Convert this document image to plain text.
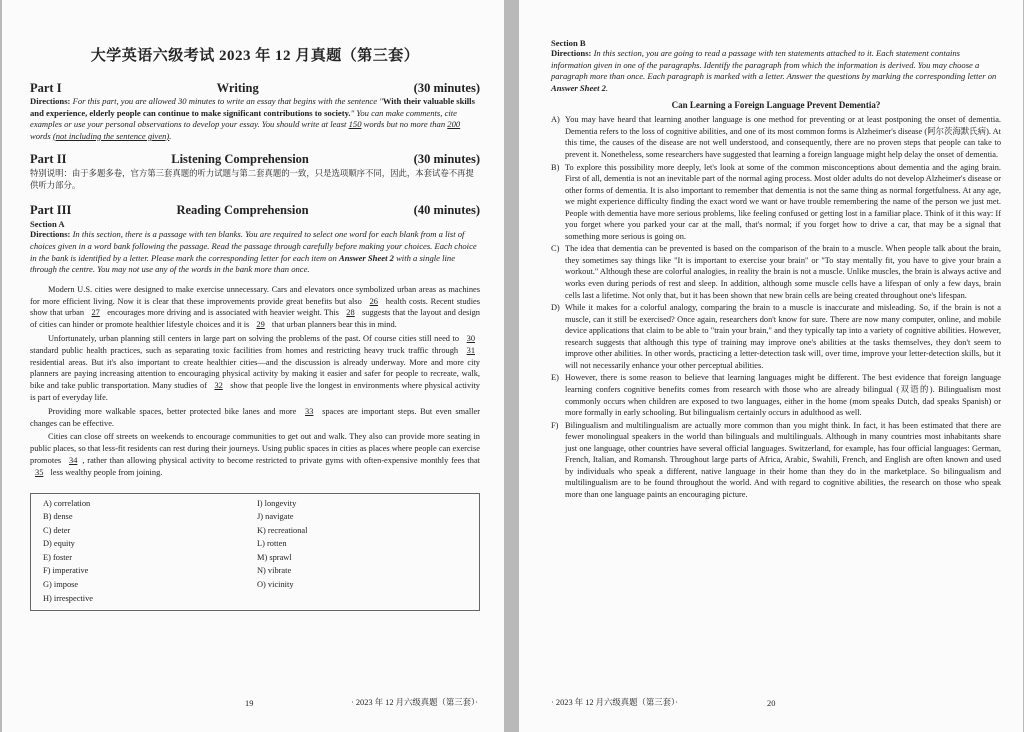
大学英语六级考试 2023 年 12 月真题（第三套）
Part I	Writing	(30 minutes)
Directions: For this part, you are allowed 30 minutes to write an essay that begins with the sentence "With their valuable skills and experience, elderly people can continue to make significant contributions to society." You can make comments, cite examples or use your personal observations to develop your essay. You should write at least 150 words but no more than 200 words (not including the sentence given).
Part II	Listening Comprehension	(30 minutes)
特别说明：由于多题多卷，官方第三套真题的听力试题与第二套真题的一致，只是选项顺序不同，因此，本套试卷不再提供听力部分。
Part III	Reading Comprehension	(40 minutes)
Section A
Directions: In this section, there is a passage with ten blanks. You are required to select one word for each blank from a list of choices given in a word bank following the passage. Read the passage through carefully before making your choices. Each choice in the bank is identified by a letter. Please mark the corresponding letter for each item on Answer Sheet 2 with a single line through the centre. You may not use any of the words in the bank more than once.

Modern U.S. cities were designed to make exercise unnecessary. Cars and elevators once symbolized urban areas as machines for more efficient living. Now it is clear that these improvements provide great benefits but also 26 health costs. Recent studies show that urban 27 encourages more driving and is associated with heavier weight. This 28 suggests that the layout and design of cities can hinder or promote healthier lifestyle choices and it is 29 that urban planners bear this in mind.

Unfortunately, urban planning still centers in large part on solving the problems of the past. Of course cities still need to 30 standard public health practices, such as separating toxic facilities from homes and restricting heavy truck traffic through 31 residential areas. But it's also important to create healthier cities—and the discussion is already underway. More and more city planners are paying increasing attention to encouraging physical activity by making it easier and safer for people to recreate, walk, bike and take public transportation. Many studies of 32 show that people live the longest in environments where physical activity is part of everyday life.

Providing more walkable spaces, better protected bike lanes and more 33 spaces are important steps. But even smaller changes can be effective.

Cities can close off streets on weekends to encourage communities to get out and walk. They also can provide more seating in public places, so that less-fit residents can rest during their journeys. Using public spaces in cities as places where people can exercise promotes 34 , rather than allowing physical activity to become restricted to private gyms with often-expensive monthly fees that 35 less wealthy people from joining.

A) correlation
B) dense
C) deter
D) equity
E) foster
F) imperative
G) impose
H) irrespective
I) longevity
J) navigate
K) recreational
L) rotten
M) sprawl
N) vibrate
O) vicinity
19	· 2023 年 12 月六级真题（第三套）·
Section B
Directions: In this section, you are going to read a passage with ten statements attached to it. Each statement contains information given in one of the paragraphs. Identify the paragraph from which the information is derived. You may choose a paragraph more than once. Each paragraph is marked with a letter. Answer the questions by marking the corresponding letter on Answer Sheet 2.
Can Learning a Foreign Language Prevent Dementia?
A) You may have heard that learning another language is one method for preventing or at least postponing the onset of dementia. Dementia refers to the loss of cognitive abilities, and one of its most common forms is Alzheimer's disease (阿尔茨海默氏病). At this time, the causes of the disease are not well understood, and consequently, there are no proven steps that people can take to prevent it. Nonetheless, some researchers have suggested that learning a foreign language might help delay the onset of dementia.
B) To explore this possibility more deeply, let's look at some of the common misconceptions about dementia and the aging brain. First of all, dementia is not an inevitable part of the normal aging process. Most older adults do not develop Alzheimer's disease or other forms of dementia. It is also important to remember that dementia is not the same thing as normal forgetfulness. At any age, we might experience difficulty finding the exact word we want or have trouble remembering the name of the person we just met. People with dementia have more serious problems, like feeling confused or getting lost in a familiar place. Think of it this way: If you forget where you parked your car at the mall, that's normal; if you forget how to drive a car, that may be a signal that something more serious is going on.
C) The idea that dementia can be prevented is based on the comparison of the brain to a muscle. When people talk about the brain, they sometimes say things like "It is important to exercise your brain" or "To stay mentally fit, you have to give your brain a workout." Although these are colorful analogies, in reality the brain is not a muscle. Unlike muscles, the brain is always active and works even during periods of rest and sleep. In addition, although some muscle cells have a lifespan of only a few days, brain cells last a lifetime. Not only that, but it has been shown that new brain cells are being created throughout one's lifespan.
D) While it makes for a colorful analogy, comparing the brain to a muscle is inaccurate and misleading. So, if the brain is not a muscle, can it still be exercised? Once again, researchers don't know for sure. There are now many computer, online, and mobile device applications that claim to be able to "train your brain," and they typically tap into a variety of cognitive abilities. However, research suggests that although this type of training may improve one's abilities at the tasks themselves, they don't seem to improve other abilities. In other words, practicing a letter-detection task will, over time, improve your letter-detection skills, but it will not necessarily enhance your other perceptual abilities.
E) However, there is some reason to believe that learning languages might be different. The best evidence that foreign language learning confers cognitive benefits comes from research with those who are already bilingual (双语的). Bilingualism most commonly occurs when children are exposed to two languages, either in the home (mom speaks Dutch, dad speaks Spanish) or more formally in early schooling. But bilingualism certainly occurs in adulthood as well.
F) Bilingualism and multilingualism are actually more common than you might think. In fact, it has been estimated that there are fewer monolingual speakers in the world than bilinguals and multilinguals. Although in many countries most inhabitants share just one language, other countries have several official languages. Switzerland, for example, has four official languages: German, French, Italian, and Romansh. Throughout large parts of Africa, Arabic, Swahili, French, and English are often known and used by individuals who speak a different, native language in their home than they do in the marketplace. So bilingualism and multilingualism are to be found throughout the world. And with regard to cognitive abilities, the research on those who speak more than one language paints an encouraging picture.
· 2023 年 12 月六级真题（第三套）·	20
